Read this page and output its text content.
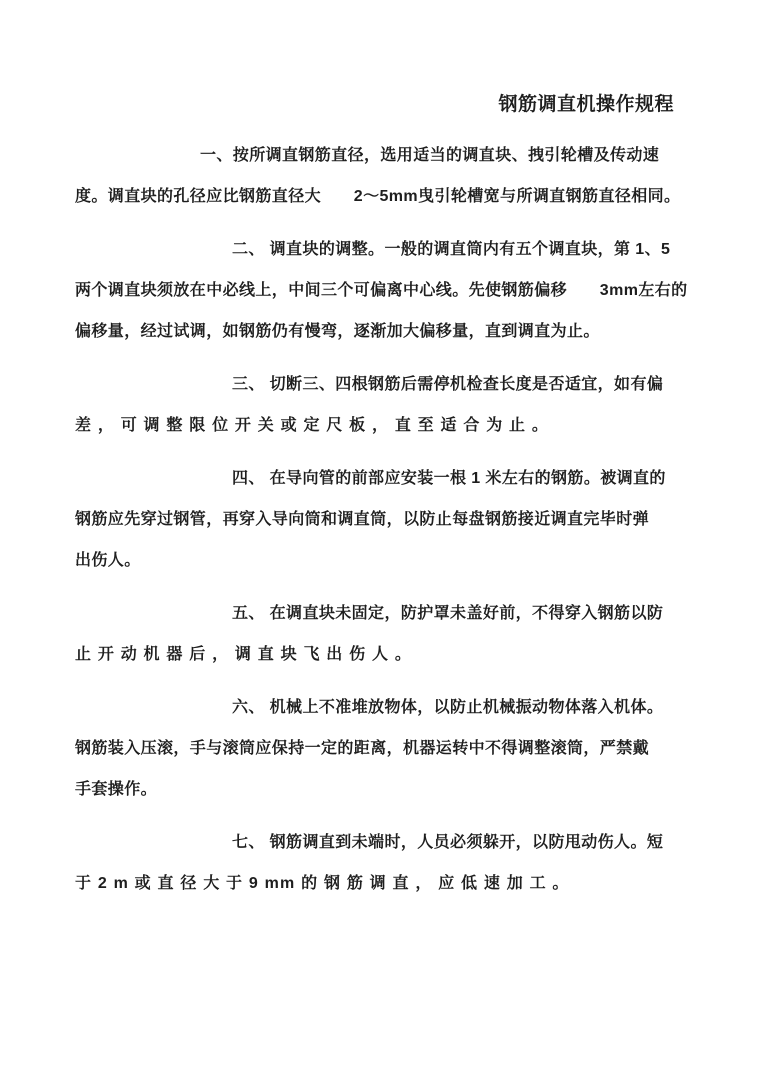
钢筋调直机操作规程
一、按所调直钢筋直径，选用适当的调直块、拽引轮槽及传动速
度。调直块的孔径应比钢筋直径大　　2～5mm曳引轮槽宽与所调直钢筋直径相同。
二、 调直块的调整。一般的调直筒内有五个调直块，第 1、5
两个调直块须放在中必线上，中间三个可偏离中心线。先使钢筋偏移　　3mm左右的
偏移量，经过试调，如钢筋仍有慢弯，逐渐加大偏移量，直到调直为止。
三、 切断三、四根钢筋后需停机检查长度是否适宜，如有偏
差 ， 可 调 整 限 位 开 关 或 定 尺 板 ， 直 至 适 合 为 止 。
四、 在导向管的前部应安装一根 1 米左右的钢筋。被调直的
钢筋应先穿过钢管，再穿入导向筒和调直筒，以防止每盘钢筋接近调直完毕时弹
出伤人。
五、 在调直块未固定，防护罩未盖好前，不得穿入钢筋以防
止 开 动 机 器 后 ， 调 直 块 飞 出 伤 人 。
六、 机械上不准堆放物体，以防止机械振动物体落入机体。
钢筋装入压滚，手与滚筒应保持一定的距离，机器运转中不得调整滚筒，严禁戴
手套操作。
七、 钢筋调直到未端时，人员必须躲开，以防甩动伤人。短
于 2 m 或 直 径 大 于 9 mm 的 钢 筋 调 直 ， 应 低 速 加 工 。
